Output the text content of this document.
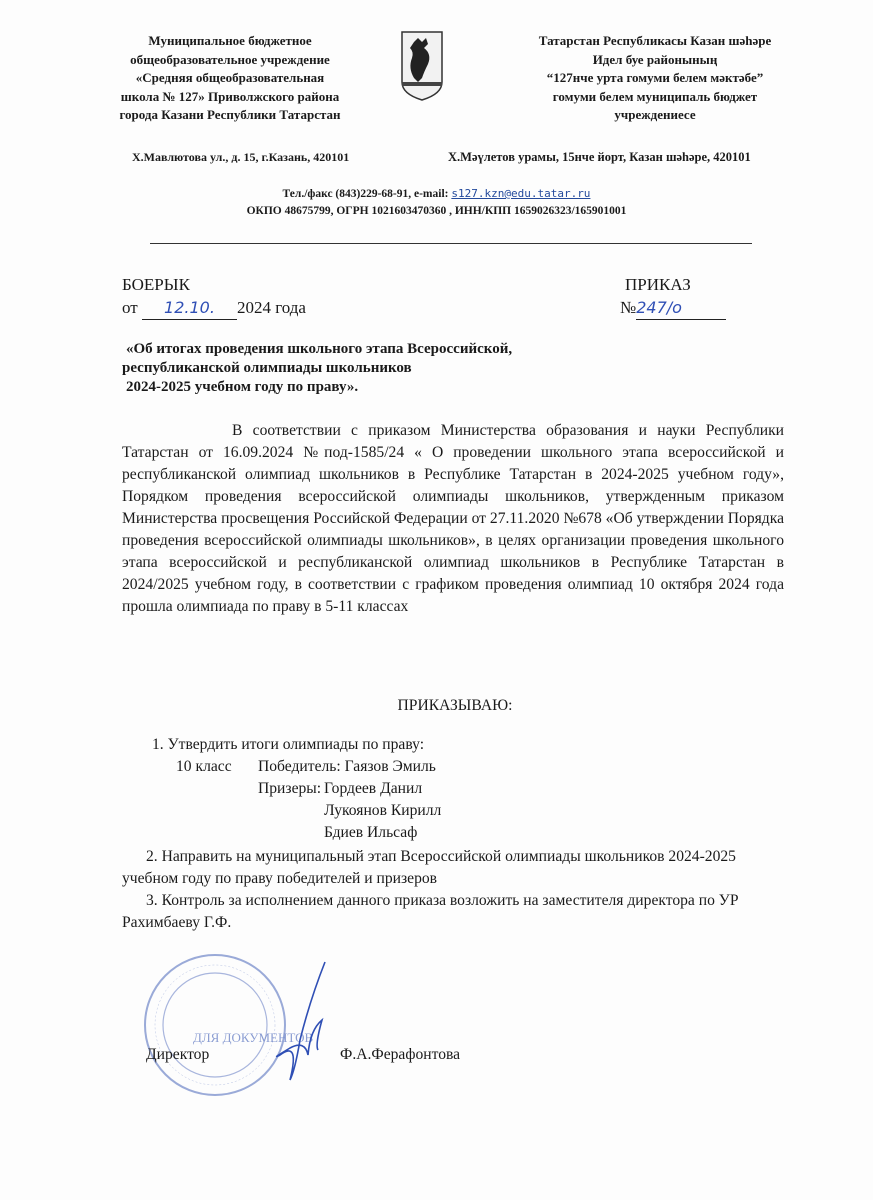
Муниципальное бюджетное
общеобразовательное учреждение
«Средняя общеобразовательная
школа № 127» Приволжского района
города Казани Республики Татарстан
Татарстан Республикасы Казан шәһәре
Идел буе районының
“127нче урта гомуми белем мәктәбе”
гомуми белем муниципаль бюджет
учреждениесе
Х.Мавлютова ул., д. 15, г.Казань, 420101	Х.Мәүлетов урамы, 15нче йорт, Казан шәһәре, 420101
Тел./факс (843)229-68-91, e-mail: s127.kzn@edu.tatar.ru
ОКПО 48675799, ОГРН 1021603470360 , ИНН/КПП 1659026323/165901001
БОЕРЫК
от 12.10. 2024 года
ПРИКАЗ
№247/о
«Об итогах проведения школьного этапа Всероссийской,
республиканской олимпиады школьников
2024-2025 учебном году по праву».
В соответствии с приказом Министерства образования и науки Республики Татарстан от 16.09.2024 №под-1585/24 « О проведении школьного этапа всероссийской и республиканской олимпиад школьников в Республике Татарстан в 2024-2025 учебном году», Порядком проведения всероссийской олимпиады школьников, утвержденным приказом Министерства просвещения Российской Федерации от 27.11.2020 №678 «Об утверждении Порядка проведения всероссийской олимпиады школьников», в целях организации проведения школьного этапа всероссийской и республиканской олимпиад школьников в Республике Татарстан в 2024/2025 учебном году, в соответствии с графиком проведения олимпиад 10 октября 2024 года прошла олимпиада по праву в 5-11 классах
ПРИКАЗЫВАЮ:
1. Утвердить итоги олимпиады по праву:
10 класс Победитель: Гаязов Эмиль
Призеры: Гордеев Данил
Лукоянов Кирилл
Бдиев Ильсаф
2. Направить на муниципальный этап Всероссийской олимпиады школьников 2024-2025 учебном году по праву победителей и призеров
3. Контроль за исполнением данного приказа возложить на заместителя директора по УР Рахимбаеву Г.Ф.
ДЛЯ ДОКУМЕНТОВ
Директор	Ф.А.Ферафонтова
